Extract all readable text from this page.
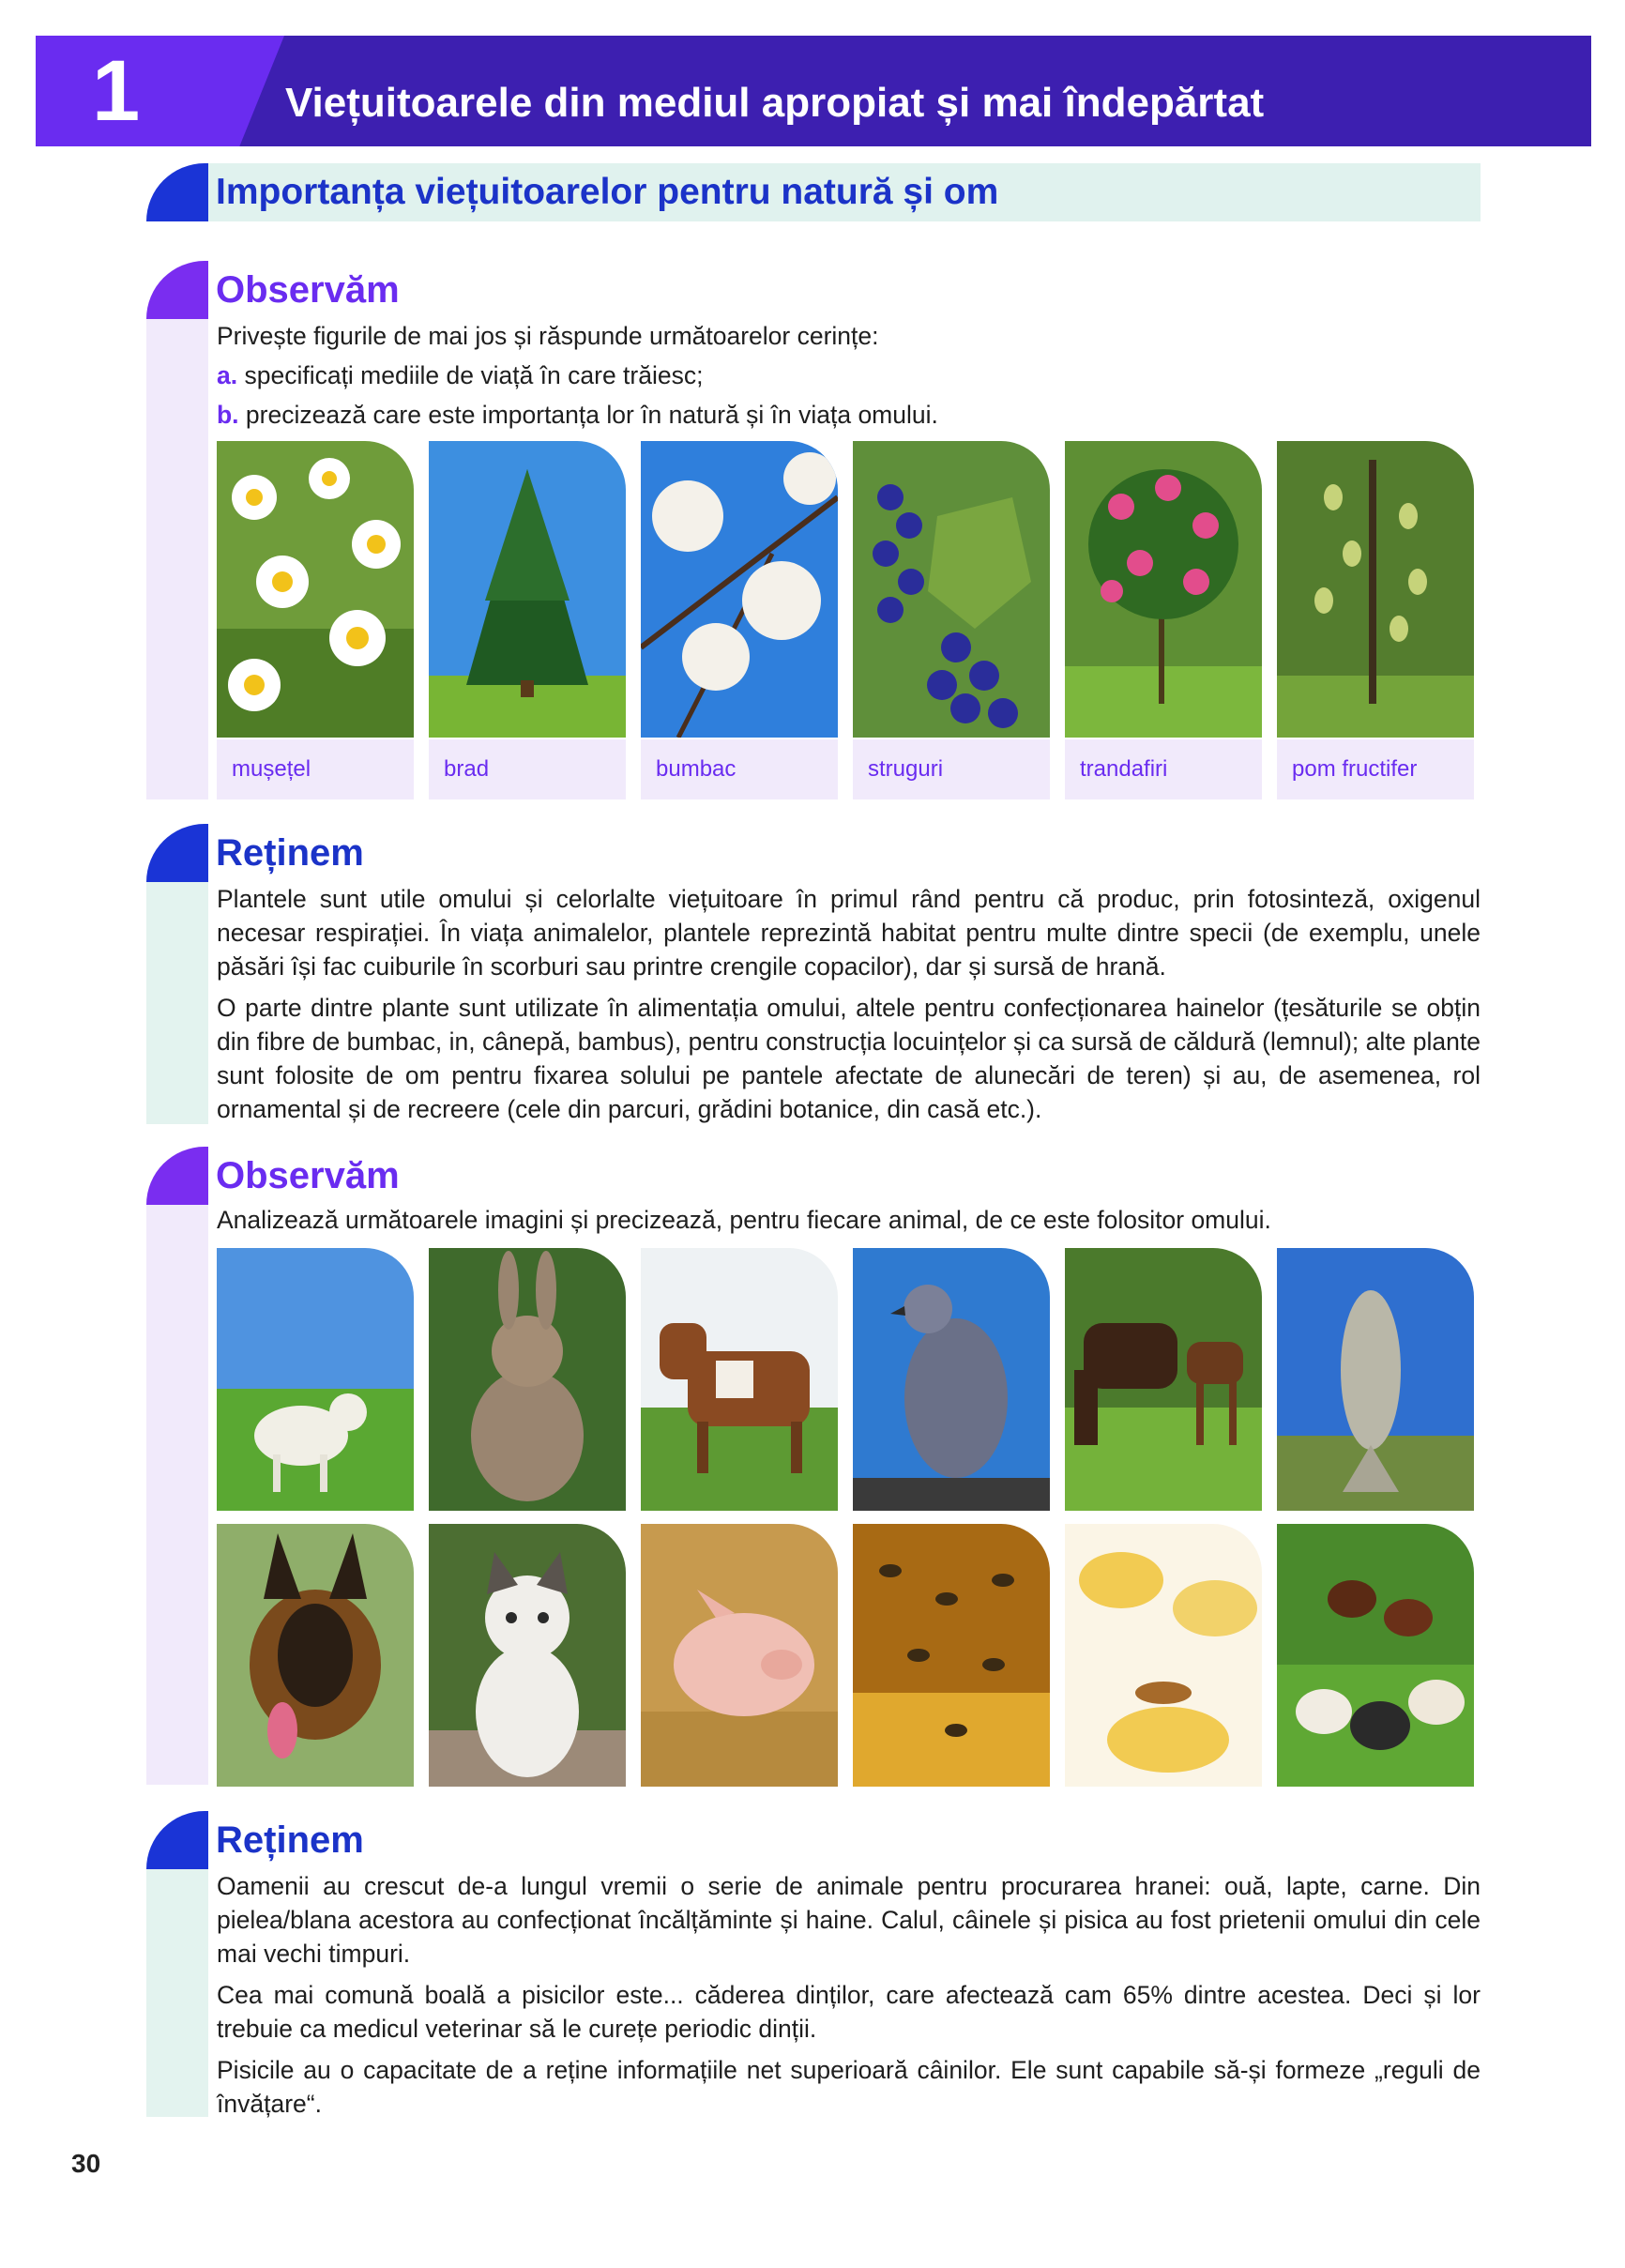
1	Viețuitoarele din mediul apropiat și mai îndepărtat
Importanța viețuitoarelor pentru natură și om
Observăm
Privește figurile de mai jos și răspunde următoarelor cerințe:
a. specificați mediile de viață în care trăiesc;
b. precizează care este importanța lor în natură și în viața omului.
mușețel	brad	bumbac	struguri	trandafiri	pom fructifer
Reținem

Plantele sunt utile omului și celorlalte viețuitoare în primul rând pentru că produc, prin fotosinteză, oxigenul necesar respirației. În viața animalelor, plantele reprezintă habitat pentru multe dintre specii (de exemplu, unele păsări își fac cuiburile în scorburi sau printre crengile copacilor), dar și sursă de hrană.

O parte dintre plante sunt utilizate în alimentația omului, altele pentru confecționarea hainelor (țesăturile se obțin din fibre de bumbac, in, cânepă, bambus), pentru construcția locuințelor și ca sursă de căldură (lemnul); alte plante sunt folosite de om pentru fixarea solului pe pantele afectate de alunecări de teren) și au, de asemenea, rol ornamental și de recreere (cele din parcuri, grădini botanice, din casă etc.).

Observăm
Analizează următoarele imagini și precizează, pentru fiecare animal, de ce este folositor omului.
Reținem

Oamenii au crescut de-a lungul vremii o serie de animale pentru procurarea hranei: ouă, lapte, carne. Din pielea/blana acestora au confecționat încălțăminte și haine. Calul, câinele și pisica au fost prietenii omului din cele mai vechi timpuri.

Cea mai comună boală a pisicilor este... căderea dinților, care afectează cam 65% dintre acestea. Deci și lor trebuie ca medicul veterinar să le curețe periodic dinții.

Pisicile au o capacitate de a reține informațiile net superioară câinilor. Ele sunt capabile să-și formeze „reguli de învățare“.

30
